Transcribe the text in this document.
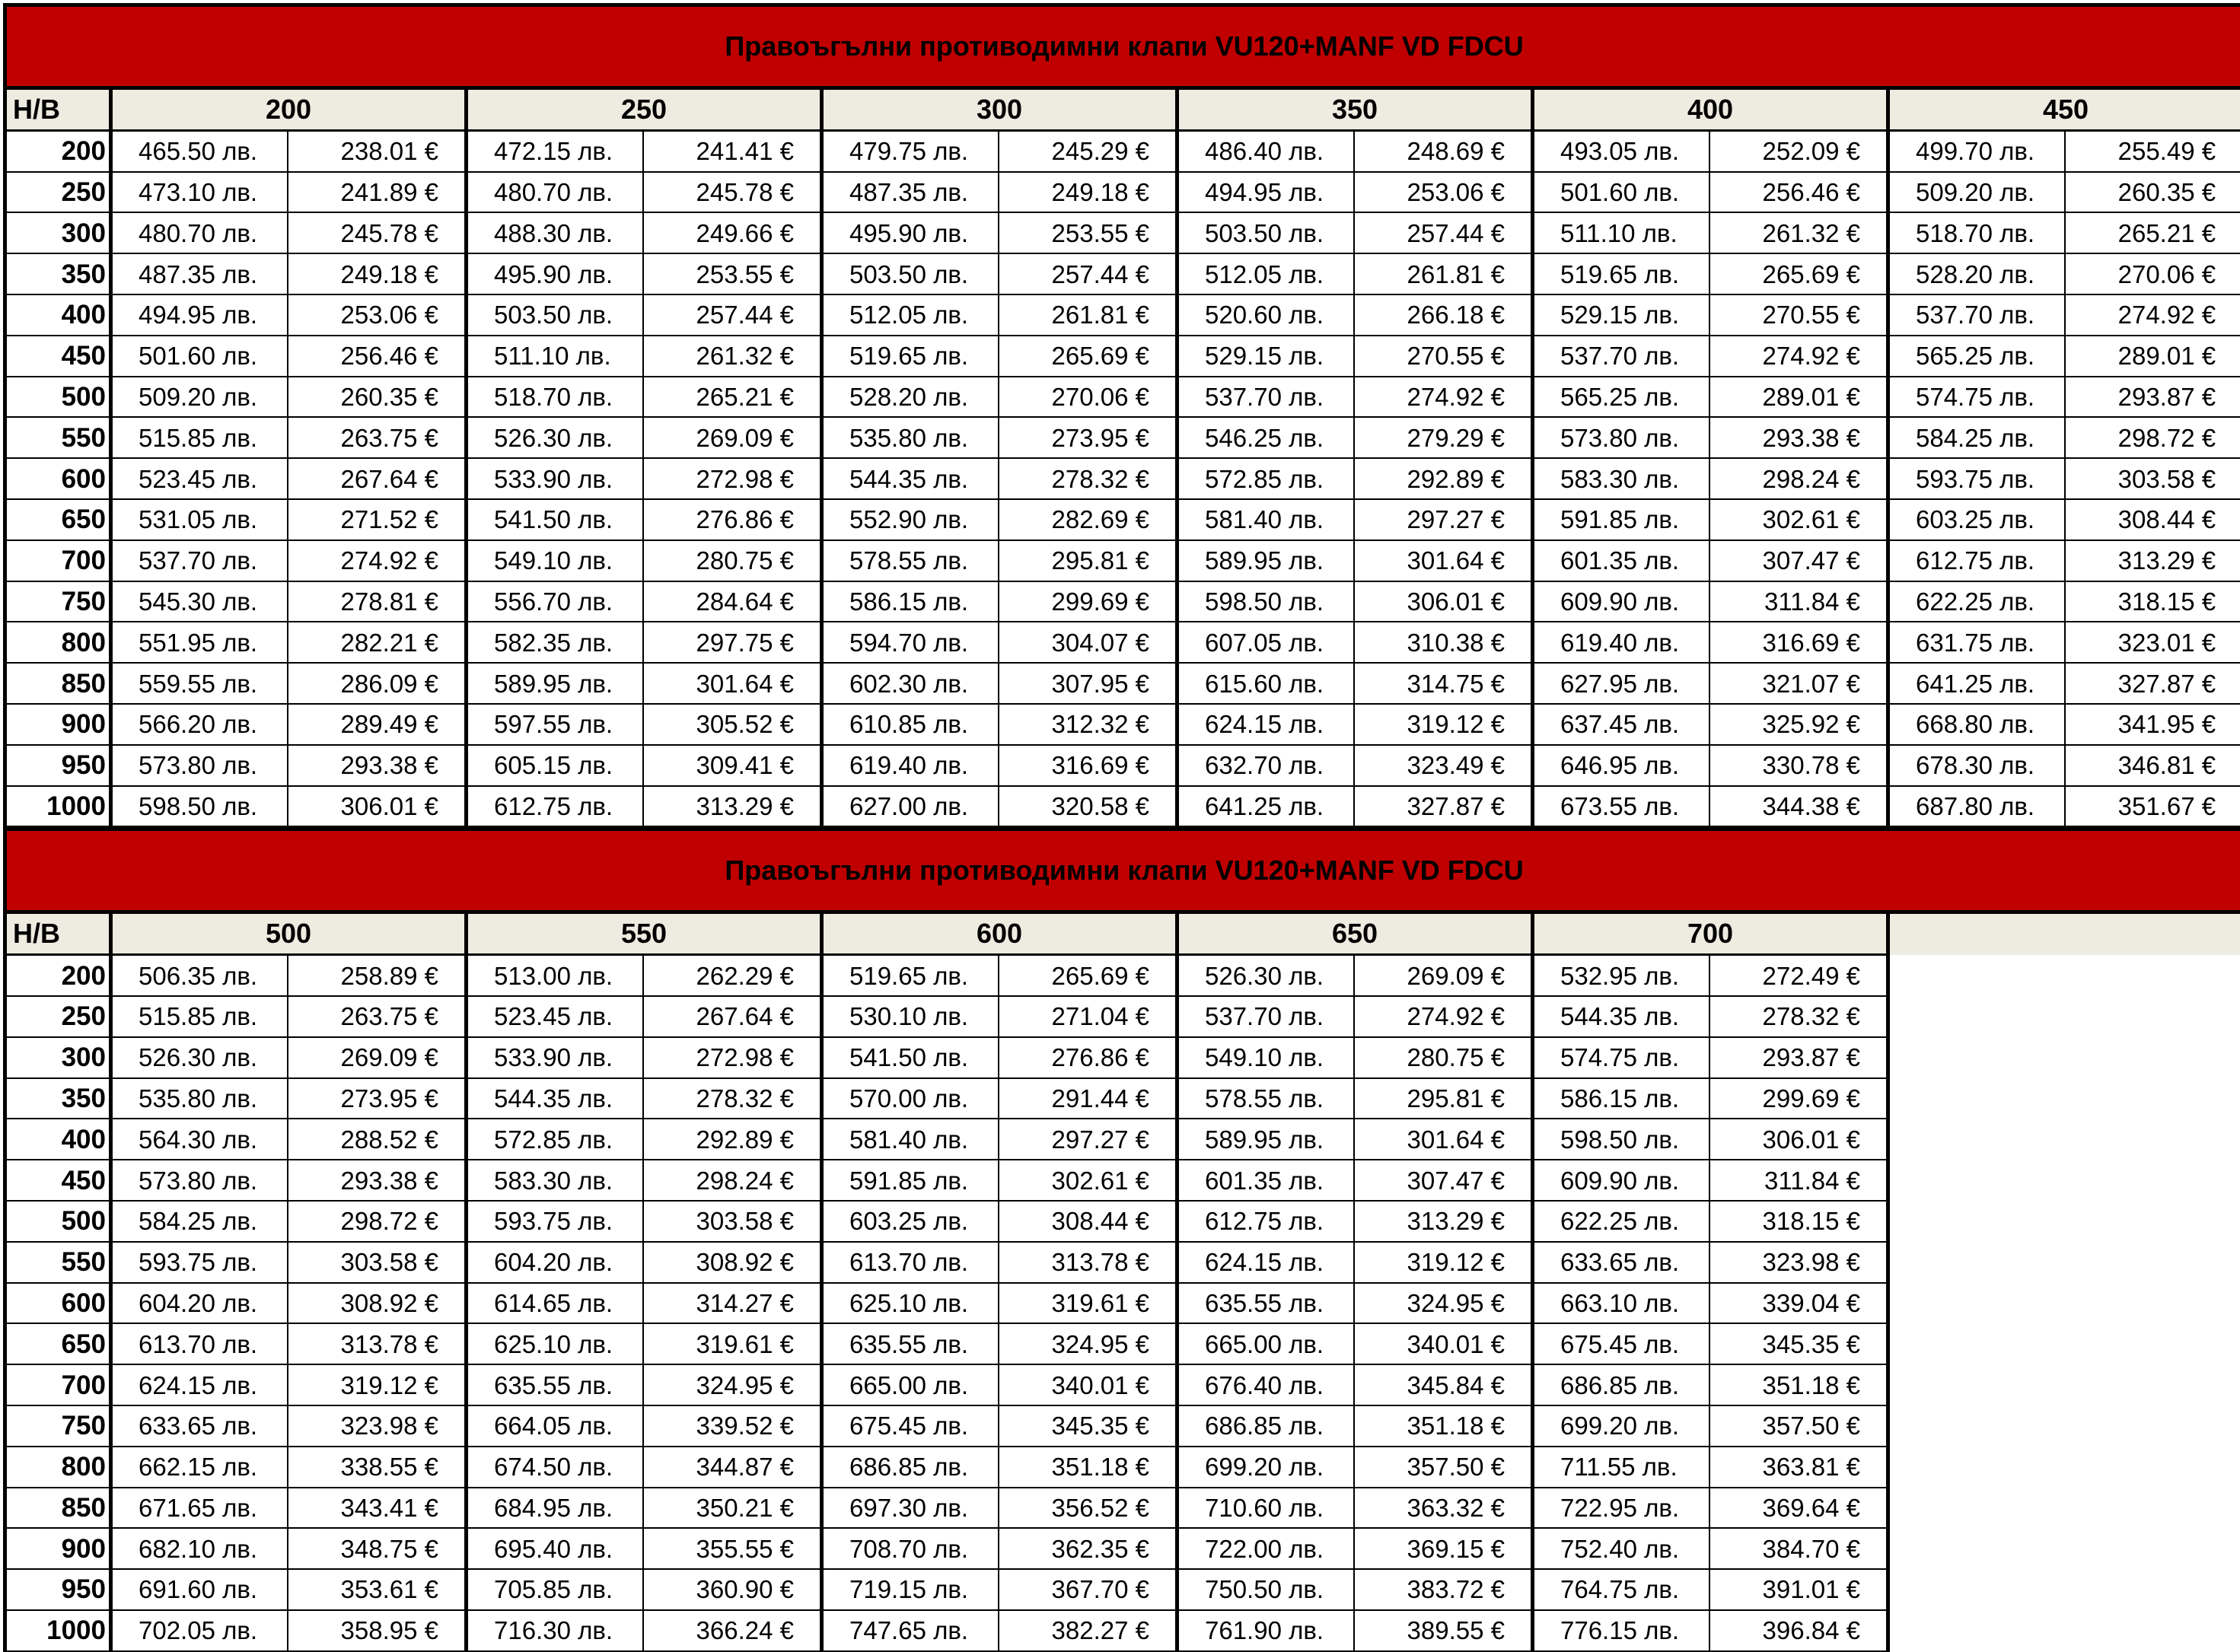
Правоъгълни противодимни клапи VU120+MANF VD FDCU												
Н/В	200		250		300		350		400		450	
200	465.50 лв.	238.01 €	472.15 лв.	241.41 €	479.75 лв.	245.29 €	486.40 лв.	248.69 €	493.05 лв.	252.09 €	499.70 лв.	255.49 €
250	473.10 лв.	241.89 €	480.70 лв.	245.78 €	487.35 лв.	249.18 €	494.95 лв.	253.06 €	501.60 лв.	256.46 €	509.20 лв.	260.35 €
300	480.70 лв.	245.78 €	488.30 лв.	249.66 €	495.90 лв.	253.55 €	503.50 лв.	257.44 €	511.10 лв.	261.32 €	518.70 лв.	265.21 €
350	487.35 лв.	249.18 €	495.90 лв.	253.55 €	503.50 лв.	257.44 €	512.05 лв.	261.81 €	519.65 лв.	265.69 €	528.20 лв.	270.06 €
400	494.95 лв.	253.06 €	503.50 лв.	257.44 €	512.05 лв.	261.81 €	520.60 лв.	266.18 €	529.15 лв.	270.55 €	537.70 лв.	274.92 €
450	501.60 лв.	256.46 €	511.10 лв.	261.32 €	519.65 лв.	265.69 €	529.15 лв.	270.55 €	537.70 лв.	274.92 €	565.25 лв.	289.01 €
500	509.20 лв.	260.35 €	518.70 лв.	265.21 €	528.20 лв.	270.06 €	537.70 лв.	274.92 €	565.25 лв.	289.01 €	574.75 лв.	293.87 €
550	515.85 лв.	263.75 €	526.30 лв.	269.09 €	535.80 лв.	273.95 €	546.25 лв.	279.29 €	573.80 лв.	293.38 €	584.25 лв.	298.72 €
600	523.45 лв.	267.64 €	533.90 лв.	272.98 €	544.35 лв.	278.32 €	572.85 лв.	292.89 €	583.30 лв.	298.24 €	593.75 лв.	303.58 €
650	531.05 лв.	271.52 €	541.50 лв.	276.86 €	552.90 лв.	282.69 €	581.40 лв.	297.27 €	591.85 лв.	302.61 €	603.25 лв.	308.44 €
700	537.70 лв.	274.92 €	549.10 лв.	280.75 €	578.55 лв.	295.81 €	589.95 лв.	301.64 €	601.35 лв.	307.47 €	612.75 лв.	313.29 €
750	545.30 лв.	278.81 €	556.70 лв.	284.64 €	586.15 лв.	299.69 €	598.50 лв.	306.01 €	609.90 лв.	311.84 €	622.25 лв.	318.15 €
800	551.95 лв.	282.21 €	582.35 лв.	297.75 €	594.70 лв.	304.07 €	607.05 лв.	310.38 €	619.40 лв.	316.69 €	631.75 лв.	323.01 €
850	559.55 лв.	286.09 €	589.95 лв.	301.64 €	602.30 лв.	307.95 €	615.60 лв.	314.75 €	627.95 лв.	321.07 €	641.25 лв.	327.87 €
900	566.20 лв.	289.49 €	597.55 лв.	305.52 €	610.85 лв.	312.32 €	624.15 лв.	319.12 €	637.45 лв.	325.92 €	668.80 лв.	341.95 €
950	573.80 лв.	293.38 €	605.15 лв.	309.41 €	619.40 лв.	316.69 €	632.70 лв.	323.49 €	646.95 лв.	330.78 €	678.30 лв.	346.81 €
1000	598.50 лв.	306.01 €	612.75 лв.	313.29 €	627.00 лв.	320.58 €	641.25 лв.	327.87 €	673.55 лв.	344.38 €	687.80 лв.	351.67 €
Правоъгълни противодимни клапи VU120+MANF VD FDCU											
Н/В	500		550		600		650		700		
200	506.35 лв.	258.89 €	513.00 лв.	262.29 €	519.65 лв.	265.69 €	526.30 лв.	269.09 €	532.95 лв.	272.49 €	
250	515.85 лв.	263.75 €	523.45 лв.	267.64 €	530.10 лв.	271.04 €	537.70 лв.	274.92 €	544.35 лв.	278.32 €	
300	526.30 лв.	269.09 €	533.90 лв.	272.98 €	541.50 лв.	276.86 €	549.10 лв.	280.75 €	574.75 лв.	293.87 €	
350	535.80 лв.	273.95 €	544.35 лв.	278.32 €	570.00 лв.	291.44 €	578.55 лв.	295.81 €	586.15 лв.	299.69 €	
400	564.30 лв.	288.52 €	572.85 лв.	292.89 €	581.40 лв.	297.27 €	589.95 лв.	301.64 €	598.50 лв.	306.01 €	
450	573.80 лв.	293.38 €	583.30 лв.	298.24 €	591.85 лв.	302.61 €	601.35 лв.	307.47 €	609.90 лв.	311.84 €	
500	584.25 лв.	298.72 €	593.75 лв.	303.58 €	603.25 лв.	308.44 €	612.75 лв.	313.29 €	622.25 лв.	318.15 €	
550	593.75 лв.	303.58 €	604.20 лв.	308.92 €	613.70 лв.	313.78 €	624.15 лв.	319.12 €	633.65 лв.	323.98 €	
600	604.20 лв.	308.92 €	614.65 лв.	314.27 €	625.10 лв.	319.61 €	635.55 лв.	324.95 €	663.10 лв.	339.04 €	
650	613.70 лв.	313.78 €	625.10 лв.	319.61 €	635.55 лв.	324.95 €	665.00 лв.	340.01 €	675.45 лв.	345.35 €	
700	624.15 лв.	319.12 €	635.55 лв.	324.95 €	665.00 лв.	340.01 €	676.40 лв.	345.84 €	686.85 лв.	351.18 €	
750	633.65 лв.	323.98 €	664.05 лв.	339.52 €	675.45 лв.	345.35 €	686.85 лв.	351.18 €	699.20 лв.	357.50 €	
800	662.15 лв.	338.55 €	674.50 лв.	344.87 €	686.85 лв.	351.18 €	699.20 лв.	357.50 €	711.55 лв.	363.81 €	
850	671.65 лв.	343.41 €	684.95 лв.	350.21 €	697.30 лв.	356.52 €	710.60 лв.	363.32 €	722.95 лв.	369.64 €	
900	682.10 лв.	348.75 €	695.40 лв.	355.55 €	708.70 лв.	362.35 €	722.00 лв.	369.15 €	752.40 лв.	384.70 €	
950	691.60 лв.	353.61 €	705.85 лв.	360.90 €	719.15 лв.	367.70 €	750.50 лв.	383.72 €	764.75 лв.	391.01 €	
1000	702.05 лв.	358.95 €	716.30 лв.	366.24 €	747.65 лв.	382.27 €	761.90 лв.	389.55 €	776.15 лв.	396.84 €	
